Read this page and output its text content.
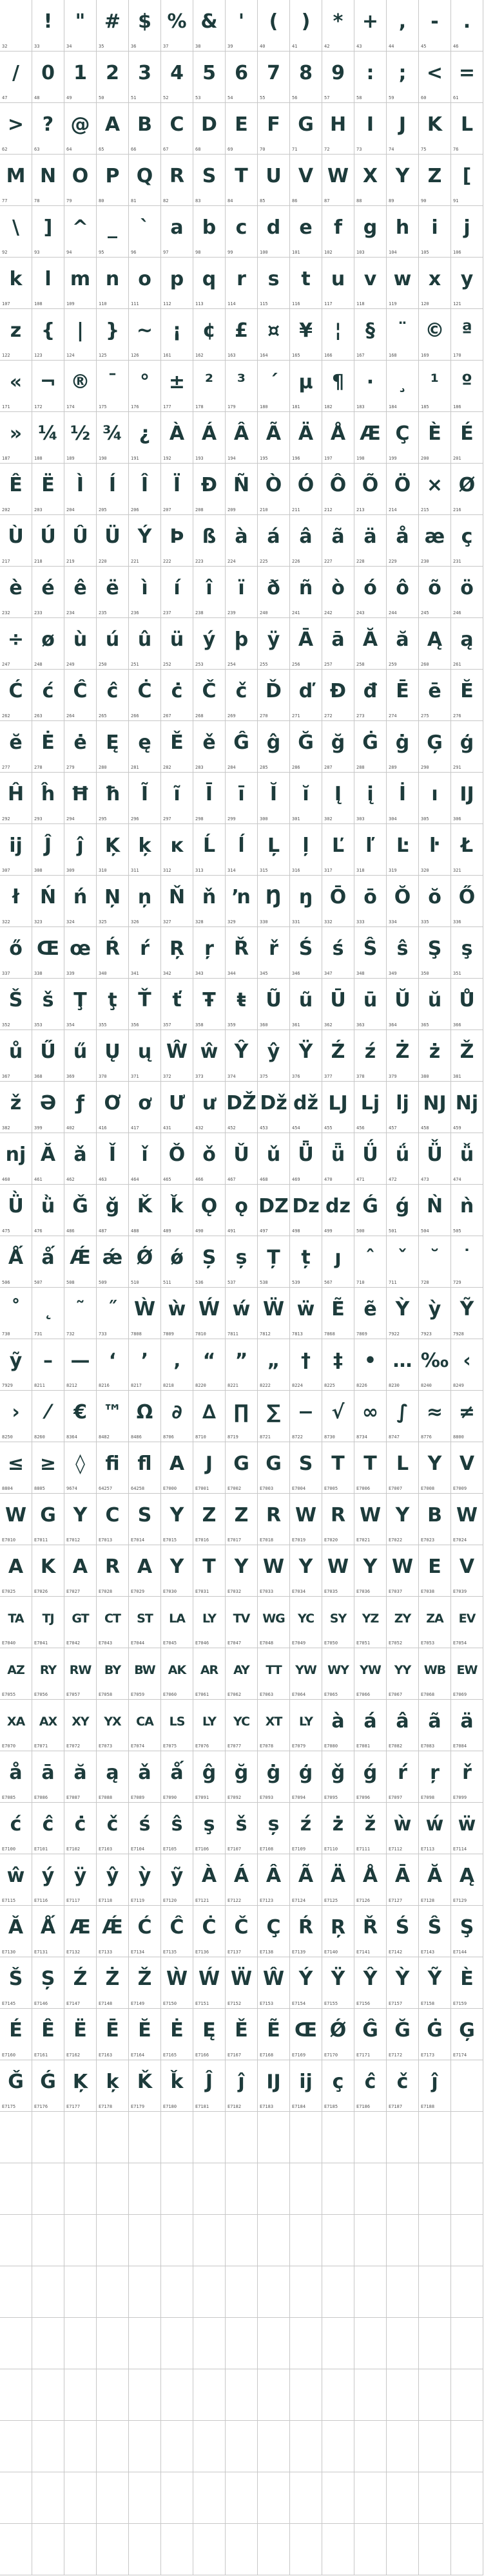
32
!
33
"
34
#
35
$
36
%
37
&
38
'
39
(
40
)
41
*
42
+
43
,
44
-
45
.
46
/
47
0
48
1
49
2
50
3
51
4
52
5
53
6
54
7
55
8
56
9
57
:
58
;
59
<
60
=
61
>
62
?
63
@
64
A
65
B
66
C
67
D
68
E
69
F
70
G
71
H
72
I
73
J
74
K
75
L
76
M
77
N
78
O
79
P
80
Q
81
R
82
S
83
T
84
U
85
V
86
W
87
X
88
Y
89
Z
90
[
91
\
92
]
93
^
94
_
95
`
96
a
97
b
98
c
99
d
100
e
101
f
102
g
103
h
104
i
105
j
106
k
107
l
108
m
109
n
110
o
111
p
112
q
113
r
114
s
115
t
116
u
117
v
118
w
119
x
120
y
121
z
122
{
123
|
124
}
125
~
126
¡
161
¢
162
£
163
¤
164
¥
165
¦
166
§
167
¨
168
©
169
ª
170
«
171
¬
172
®
174
¯
175
°
176
±
177
²
178
³
179
´
180
µ
181
¶
182
·
183
¸
184
¹
185
º
186
»
187
¼
188
½
189
¾
190
¿
191
À
192
Á
193
Â
194
Ã
195
Ä
196
Å
197
Æ
198
Ç
199
È
200
É
201
Ê
202
Ë
203
Ì
204
Í
205
Î
206
Ï
207
Ð
208
Ñ
209
Ò
210
Ó
211
Ô
212
Õ
213
Ö
214
×
215
Ø
216
Ù
217
Ú
218
Û
219
Ü
220
Ý
221
Þ
222
ß
223
à
224
á
225
â
226
ã
227
ä
228
å
229
æ
230
ç
231
è
232
é
233
ê
234
ë
235
ì
236
í
237
î
238
ï
239
ð
240
ñ
241
ò
242
ó
243
ô
244
õ
245
ö
246
÷
247
ø
248
ù
249
ú
250
û
251
ü
252
ý
253
þ
254
ÿ
255
Ā
256
ā
257
Ă
258
ă
259
Ą
260
ą
261
Ć
262
ć
263
Ĉ
264
ĉ
265
Ċ
266
ċ
267
Č
268
č
269
Ď
270
ď
271
Đ
272
đ
273
Ē
274
ē
275
Ĕ
276
ĕ
277
Ė
278
ė
279
Ę
280
ę
281
Ě
282
ě
283
Ĝ
284
ĝ
285
Ğ
286
ğ
287
Ġ
288
ġ
289
Ģ
290
ģ
291
Ĥ
292
ĥ
293
Ħ
294
ħ
295
Ĩ
296
ĩ
297
Ī
298
ī
299
Ĭ
300
ĭ
301
Į
302
į
303
İ
304
ı
305
Ĳ
306
ĳ
307
Ĵ
308
ĵ
309
Ķ
310
ķ
311
ĸ
312
Ĺ
313
ĺ
314
Ļ
315
ļ
316
Ľ
317
ľ
318
Ŀ
319
ŀ
320
Ł
321
ł
322
Ń
323
ń
324
Ņ
325
ņ
326
Ň
327
ň
328
ŉ
329
Ŋ
330
ŋ
331
Ō
332
ō
333
Ŏ
334
ŏ
335
Ő
336
ő
337
Œ
338
œ
339
Ŕ
340
ŕ
341
Ŗ
342
ŗ
343
Ř
344
ř
345
Ś
346
ś
347
Ŝ
348
ŝ
349
Ş
350
ş
351
Š
352
š
353
Ţ
354
ţ
355
Ť
356
ť
357
Ŧ
358
ŧ
359
Ũ
360
ũ
361
Ū
362
ū
363
Ŭ
364
ŭ
365
Ů
366
ů
367
Ű
368
ű
369
Ų
370
ų
371
Ŵ
372
ŵ
373
Ŷ
374
ŷ
375
Ÿ
376
Ź
377
ź
378
Ż
379
ż
380
Ž
381
ž
382
Ə
399
ƒ
402
Ơ
416
ơ
417
Ư
431
ư
432
Ǆ
452
ǅ
453
ǆ
454
Ǉ
455
ǈ
456
ǉ
457
Ǌ
458
ǋ
459
ǌ
460
Ǎ
461
ǎ
462
Ǐ
463
ǐ
464
Ǒ
465
ǒ
466
Ǔ
467
ǔ
468
Ǖ
469
ǖ
470
Ǘ
471
ǘ
472
Ǚ
473
ǚ
474
Ǜ
475
ǜ
476
Ǧ
486
ǧ
487
Ǩ
488
ǩ
489
Ǫ
490
ǫ
491
Ǳ
497
ǲ
498
ǳ
499
Ǵ
500
ǵ
501
Ǹ
504
ǹ
505
Ǻ
506
ǻ
507
Ǽ
508
ǽ
509
Ǿ
510
ǿ
511
Ș
536
ș
537
Ț
538
ț
539
ȷ
567
ˆ
710
ˇ
711
˘
728
˙
729
˚
730
˛
731
˜
732
˝
733
Ẁ
7808
ẁ
7809
Ẃ
7810
ẃ
7811
Ẅ
7812
ẅ
7813
Ẽ
7868
ẽ
7869
Ỳ
7922
ỳ
7923
Ỹ
7928
ỹ
7929
–
8211
—
8212
‘
8216
’
8217
‚
8218
“
8220
”
8221
„
8222
†
8224
‡
8225
•
8226
…
8230
‰
8240
‹
8249
›
8250
⁄
8260
€
8364
™
8482
Ω
8486
∂
8706
∆
8710
∏
8719
∑
8721
−
8722
√
8730
∞
8734
∫
8747
≈
8776
≠
8800
≤
8804
≥
8805
◊
9674
ﬁ
64257
ﬂ
64258
A
E7000
J
E7001
G
E7002
G
E7003
S
E7004
T
E7005
T
E7006
L
E7007
Y
E7008
V
E7009
W
E7010
G
E7011
Y
E7012
C
E7013
S
E7014
Y
E7015
Z
E7016
Z
E7017
R
E7018
W
E7019
R
E7020
W
E7021
Y
E7022
B
E7023
W
E7024
A
E7025
K
E7026
A
E7027
R
E7028
A
E7029
Y
E7030
T
E7031
Y
E7032
W
E7033
Y
E7034
W
E7035
Y
E7036
W
E7037
E
E7038
V
E7039
TA
E7040
TJ
E7041
GT
E7042
CT
E7043
ST
E7044
LA
E7045
LY
E7046
TV
E7047
WG
E7048
YC
E7049
SY
E7050
YZ
E7051
ZY
E7052
ZA
E7053
EV
E7054
AZ
E7055
RY
E7056
RW
E7057
BY
E7058
BW
E7059
AK
E7060
AR
E7061
AY
E7062
TT
E7063
YW
E7064
WY
E7065
YW
E7066
YY
E7067
WB
E7068
EW
E7069
XA
E7070
AX
E7071
XY
E7072
YX
E7073
CA
E7074
LS
E7075
LY
E7076
YC
E7077
XT
E7078
LY
E7079
à
E7080
á
E7081
â
E7082
ã
E7083
ä
E7084
å
E7085
ā
E7086
ă
E7087
ą
E7088
ǎ
E7089
ǻ
E7090
ĝ
E7091
ğ
E7092
ġ
E7093
ģ
E7094
ǧ
E7095
ǵ
E7096
ŕ
E7097
ŗ
E7098
ř
E7099
ć
E7100
ĉ
E7101
ċ
E7102
č
E7103
ś
E7104
ŝ
E7105
ş
E7106
š
E7107
ș
E7108
ź
E7109
ż
E7110
ž
E7111
ẁ
E7112
ẃ
E7113
ẅ
E7114
ŵ
E7115
ý
E7116
ÿ
E7117
ŷ
E7118
ỳ
E7119
ỹ
E7120
À
E7121
Á
E7122
Â
E7123
Ã
E7124
Ä
E7125
Å
E7126
Ā
E7127
Ă
E7128
Ą
E7129
Ǎ
E7130
Ǻ
E7131
Æ
E7132
Ǽ
E7133
Ć
E7134
Ĉ
E7135
Ċ
E7136
Č
E7137
Ç
E7138
Ŕ
E7139
Ŗ
E7140
Ř
E7141
Ś
E7142
Ŝ
E7143
Ş
E7144
Š
E7145
Ș
E7146
Ź
E7147
Ż
E7148
Ž
E7149
Ẁ
E7150
Ẃ
E7151
Ẅ
E7152
Ŵ
E7153
Ý
E7154
Ÿ
E7155
Ŷ
E7156
Ỳ
E7157
Ỹ
E7158
È
E7159
É
E7160
Ê
E7161
Ë
E7162
Ē
E7163
Ĕ
E7164
Ė
E7165
Ę
E7166
Ě
E7167
Ẽ
E7168
Œ
E7169
Ǿ
E7170
Ĝ
E7171
Ğ
E7172
Ġ
E7173
Ģ
E7174
Ǧ
E7175
Ǵ
E7176
Ķ
E7177
ķ
E7178
Ǩ
E7179
ǩ
E7180
Ĵ
E7181
ĵ
E7182
Ĳ
E7183
ĳ
E7184
ç
E7185
ĉ
E7186
č
E7187
ĵ
E7188
